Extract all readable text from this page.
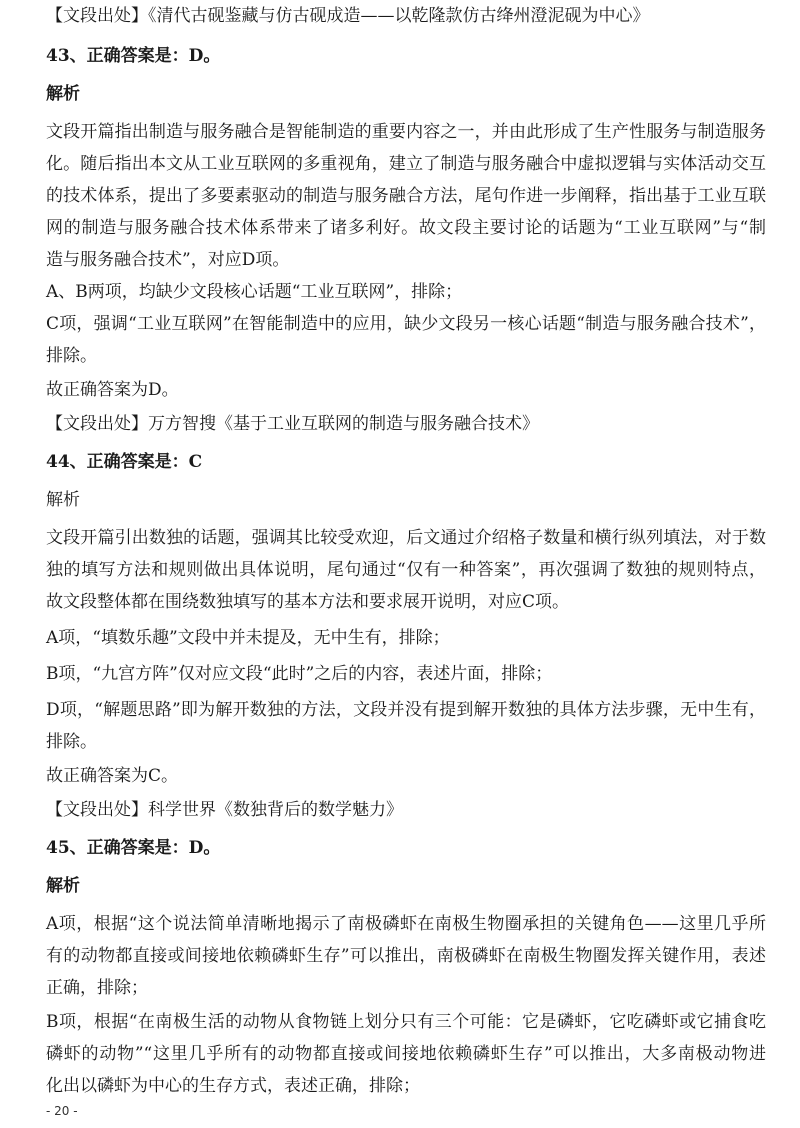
【文段出处】《清代古砚鉴藏与仿古砚成造——以乾隆款仿古绛州澄泥砚为中心》
43、正确答案是：D。
解析
文段开篇指出制造与服务融合是智能制造的重要内容之一，并由此形成了生产性服务与制造服务
化。随后指出本文从工业互联网的多重视角，建立了制造与服务融合中虚拟逻辑与实体活动交互
的技术体系，提出了多要素驱动的制造与服务融合方法，尾句作进一步阐释，指出基于工业互联
网的制造与服务融合技术体系带来了诸多利好。故文段主要讨论的话题为“工业互联网”与“制
造与服务融合技术”，对应D项。
A、B两项，均缺少文段核心话题“工业互联网”，排除；
C项，强调“工业互联网”在智能制造中的应用，缺少文段另一核心话题“制造与服务融合技术”，
排除。
故正确答案为D。
【文段出处】万方智搜《基于工业互联网的制造与服务融合技术》
44、正确答案是：C
解析
文段开篇引出数独的话题，强调其比较受欢迎，后文通过介绍格子数量和横行纵列填法，对于数
独的填写方法和规则做出具体说明，尾句通过“仅有一种答案”，再次强调了数独的规则特点，
故文段整体都在围绕数独填写的基本方法和要求展开说明，对应C项。
A项，“填数乐趣”文段中并未提及，无中生有，排除；
B项，“九宫方阵”仅对应文段“此时”之后的内容，表述片面，排除；
D项，“解题思路”即为解开数独的方法，文段并没有提到解开数独的具体方法步骤，无中生有，
排除。
故正确答案为C。
【文段出处】科学世界《数独背后的数学魅力》
45、正确答案是：D。
解析
A项，根据“这个说法简单清晰地揭示了南极磷虾在南极生物圈承担的关键角色——这里几乎所
有的动物都直接或间接地依赖磷虾生存”可以推出，南极磷虾在南极生物圈发挥关键作用，表述
正确，排除；
B项，根据“在南极生活的动物从食物链上划分只有三个可能：它是磷虾，它吃磷虾或它捕食吃
磷虾的动物”“这里几乎所有的动物都直接或间接地依赖磷虾生存”可以推出，大多南极动物进
化出以磷虾为中心的生存方式，表述正确，排除；
- 20 -
